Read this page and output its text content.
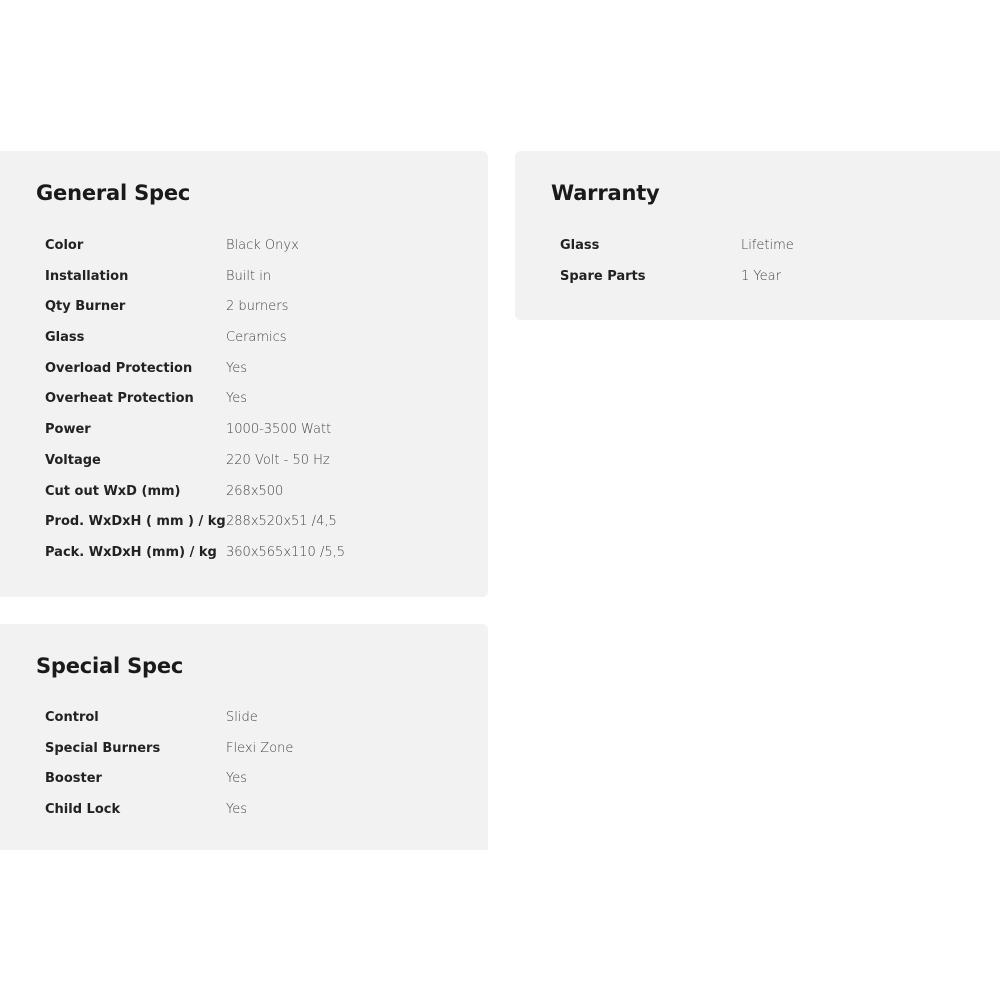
General Spec
Color	Black Onyx
Installation	Built in
Qty Burner	2 burners
Glass	Ceramics
Overload Protection	Yes
Overheat Protection	Yes
Power	1000-3500 Watt
Voltage	220 Volt - 50 Hz
Cut out WxD (mm)	268x500
Prod. WxDxH ( mm ) / kg 288x520x51 /4,5
Pack. WxDxH (mm) / kg 360x565x110 /5,5
Warranty
Glass	Lifetime
Spare Parts	1 Year
Special Spec
Control	Slide
Special Burners	Flexi Zone
Booster	Yes
Child Lock	Yes
